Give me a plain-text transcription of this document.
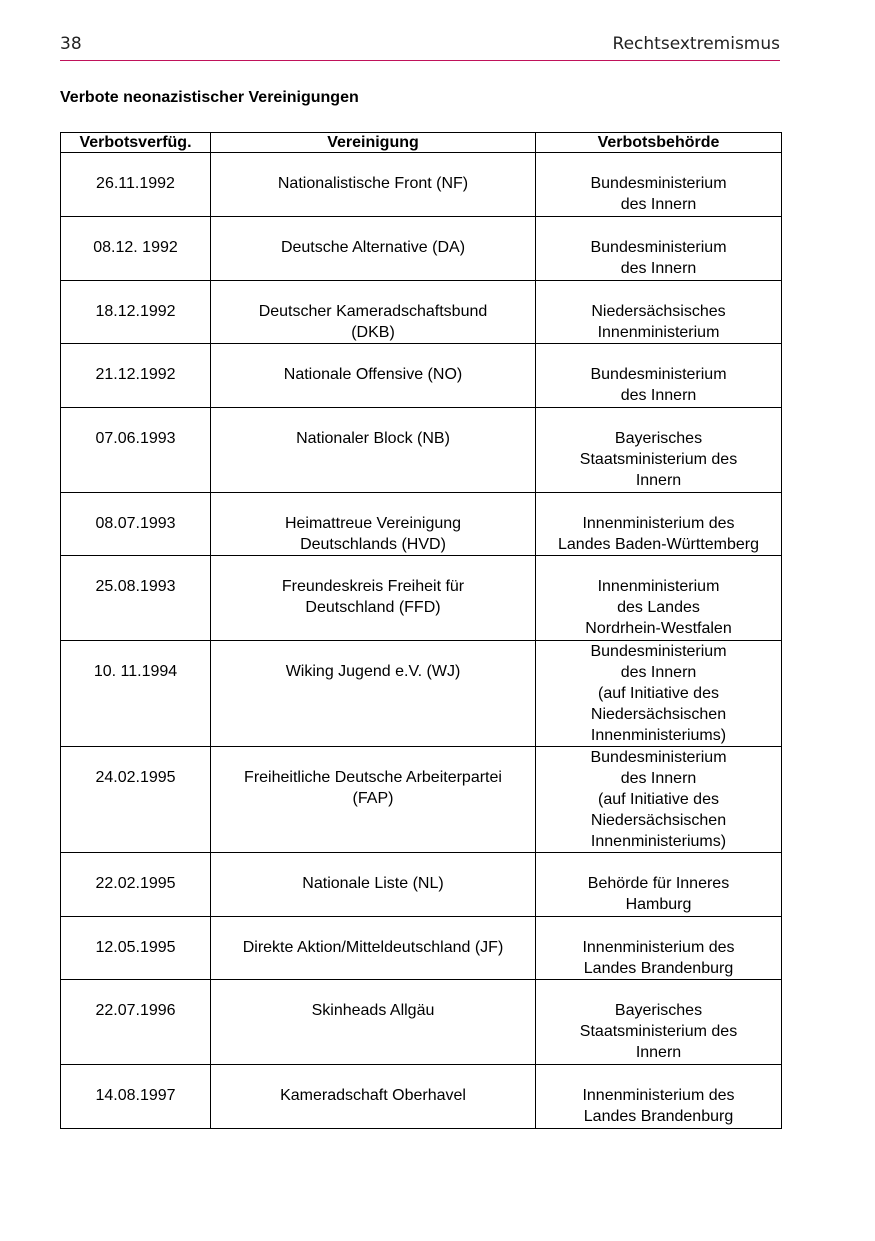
38	Rechtsextremismus
Verbote neonazistischer Vereinigungen
Verbotsverfüg.	Vereinigung	Verbotsbehörde
26.11.1992	Nationalistische Front (NF)	Bundesministerium
des Innern

08.12. 1992	Deutsche Alternative (DA)	Bundesministerium
des Innern

18.12.1992	Deutscher Kameradschaftsbund
(DKB)	Niedersächsisches
Innenministerium

21.12.1992	Nationale Offensive (NO)	Bundesministerium
des Innern

07.06.1993	Nationaler Block (NB)	Bayerisches
Staatsministerium des
Innern

08.07.1993	Heimattreue Vereinigung
Deutschlands (HVD)	Innenministerium des
Landes Baden-Württemberg

25.08.1993	Freundeskreis Freiheit für
Deutschland (FFD)	Innenministerium
des Landes
Nordrhein-Westfalen

10. 11.1994	Wiking Jugend e.V. (WJ)	Bundesministerium
des Innern
(auf Initiative des
Niedersächsischen
Innenministeriums)

24.02.1995	Freiheitliche Deutsche Arbeiterpartei
(FAP)	Bundesministerium
des Innern
(auf Initiative des
Niedersächsischen
Innenministeriums)

22.02.1995	Nationale Liste (NL)	Behörde für Inneres
Hamburg

12.05.1995	Direkte Aktion/Mitteldeutschland (JF)	Innenministerium des
Landes Brandenburg

22.07.1996	Skinheads Allgäu	Bayerisches
Staatsministerium des
Innern

14.08.1997	Kameradschaft Oberhavel	Innenministerium des
Landes Brandenburg
